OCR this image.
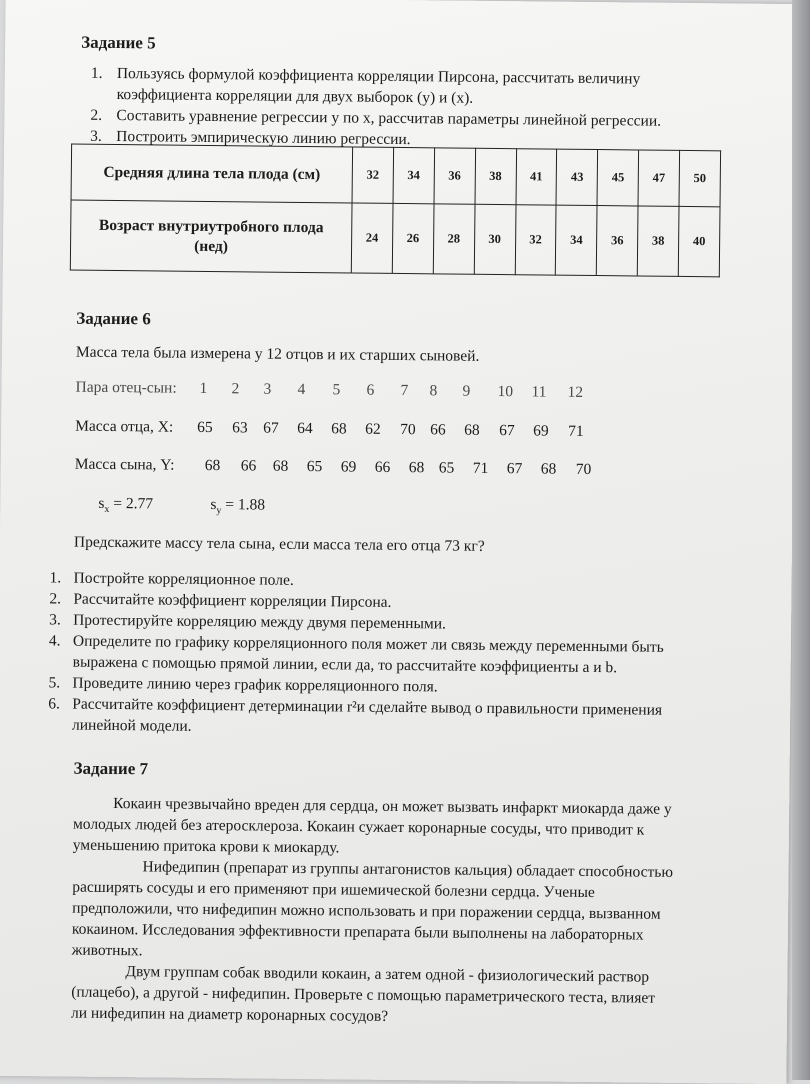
Задание 5
1. Пользуясь формулой коэффициента корреляции Пирсона, рассчитать величину
коэффициента корреляции для двух выборок (y) и (x).
2. Составить уравнение регрессии y по x, рассчитав параметры линейной регрессии.
3. Построить эмпирическую линию регрессии.
Средняя длина тела плода (см)	32	34	36	38	41	43	45	47	50

Возраст внутриутробного плода
(нед)	24	26	28	30	32	34	36	38	40
Задание 6
Масса тела была измерена у 12 отцов и их старших сыновей.
Пара отец-сын: 1 2 3 4 5 6 7 8 9 10 11 12
Масса отца, X: 65 63 67 64 68 62 70 66 68 67 69 71
Масса сына, Y: 68 66 68 65 69 66 68 65 71 67 68 70
$s_x = 2.77$	$s_y = 1.88$
Предскажите массу тела сына, если масса тела его отца 73 кг?
1. Постройте корреляционное поле.
2. Рассчитайте коэффициент корреляции Пирсона.
3. Протестируйте корреляцию между двумя переменными.
4. Определите по графику корреляционного поля может ли связь между переменными быть
выражена с помощью прямой линии, если да, то рассчитайте коэффициенты a и b.
5. Проведите линию через график корреляционного поля.
6. Рассчитайте коэффициент детерминации r²и сделайте вывод о правильности применения
линейной модели.
Задание 7
Кокаин чрезвычайно вреден для сердца, он может вызвать инфаркт миокарда даже у
молодых людей без атеросклероза. Кокаин сужает коронарные сосуды, что приводит к
уменьшению притока крови к миокарду.
Нифедипин (препарат из группы антагонистов кальция) обладает способностью
расширять сосуды и его применяют при ишемической болезни сердца. Ученые
предположили, что нифедипин можно использовать и при поражении сердца, вызванном
кокаином. Исследования эффективности препарата были выполнены на лабораторных
животных.
Двум группам собак вводили кокаин, а затем одной - физиологический раствор
(плацебо), а другой - нифедипин. Проверьте с помощью параметрического теста, влияет
ли нифедипин на диаметр коронарных сосудов?
